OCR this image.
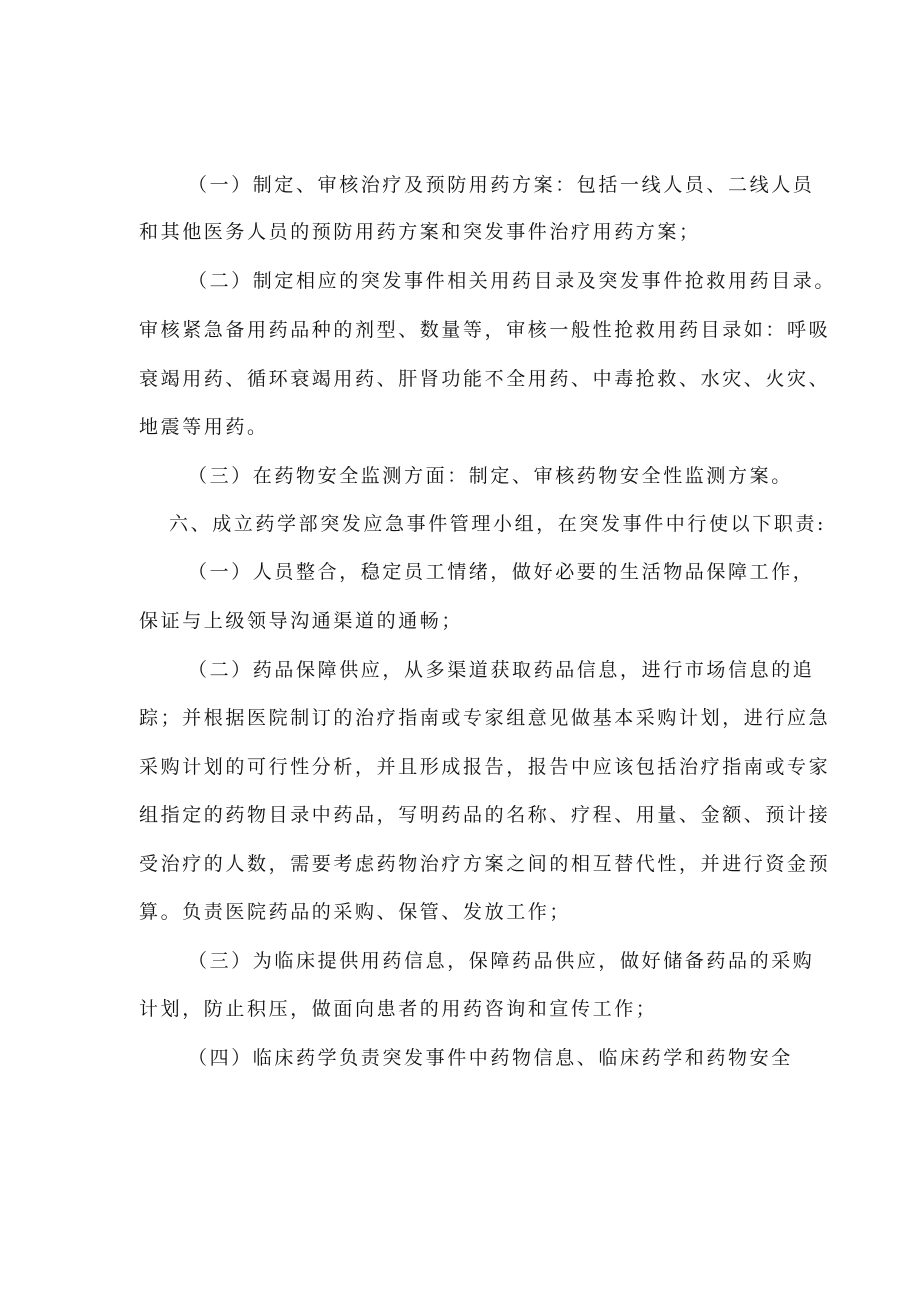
（一）制定、审核治疗及预防用药方案：包括一线人员、二线人员
和其他医务人员的预防用药方案和突发事件治疗用药方案；
（二）制定相应的突发事件相关用药目录及突发事件抢救用药目录。
审核紧急备用药品种的剂型、数量等，审核一般性抢救用药目录如：呼吸
衰竭用药、循环衰竭用药、肝肾功能不全用药、中毒抢救、水灾、火灾、
地震等用药。
（三）在药物安全监测方面：制定、审核药物安全性监测方案。
六、成立药学部突发应急事件管理小组，在突发事件中行使以下职责:
（一）人员整合，稳定员工情绪，做好必要的生活物品保障工作，
保证与上级领导沟通渠道的通畅；
（二）药品保障供应，从多渠道获取药品信息，进行市场信息的追
踪；并根据医院制订的治疗指南或专家组意见做基本采购计划，进行应急
采购计划的可行性分析，并且形成报告，报告中应该包括治疗指南或专家
组指定的药物目录中药品，写明药品的名称、疗程、用量、金额、预计接
受治疗的人数，需要考虑药物治疗方案之间的相互替代性，并进行资金预
算。负责医院药品的采购、保管、发放工作；
（三）为临床提供用药信息，保障药品供应，做好储备药品的采购
计划，防止积压，做面向患者的用药咨询和宣传工作；
（四）临床药学负责突发事件中药物信息、临床药学和药物安全
